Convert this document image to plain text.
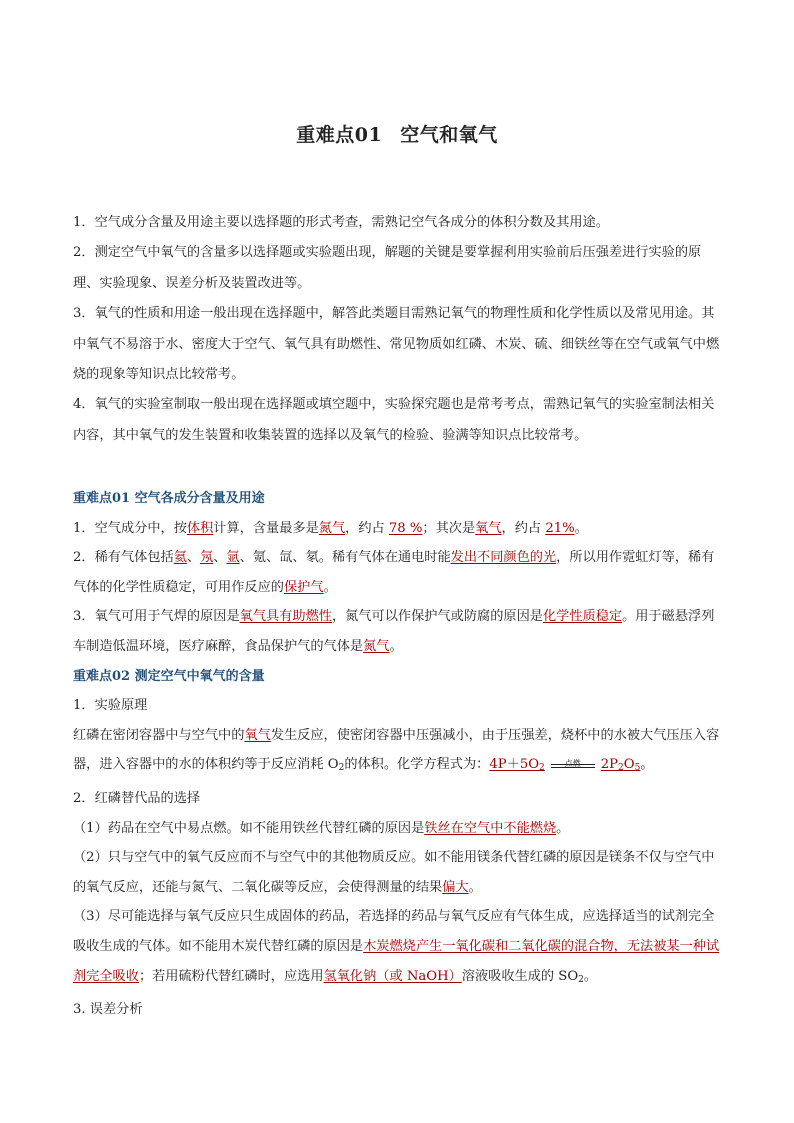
重难点01 空气和氧气

1．空气成分含量及用途主要以选择题的形式考查，需熟记空气各成分的体积分数及其用途。

2．测定空气中氧气的含量多以选择题或实验题出现，解题的关键是要掌握利用实验前后压强差进行实验的原理、实验现象、误差分析及装置改进等。

3．氧气的性质和用途一般出现在选择题中，解答此类题目需熟记氧气的物理性质和化学性质以及常见用途。其中氧气不易溶于水、密度大于空气、氧气具有助燃性、常见物质如红磷、木炭、硫、细铁丝等在空气或氧气中燃烧的现象等知识点比较常考。

4．氧气的实验室制取一般出现在选择题或填空题中，实验探究题也是常考考点，需熟记氧气的实验室制法相关内容，其中氧气的发生装置和收集装置的选择以及氧气的检验、验满等知识点比较常考。

重难点01 空气各成分含量及用途

1．空气成分中，按体积计算，含量最多是氮气，约占 78 %；其次是氧气，约占 21%。

2．稀有气体包括氦、氖、氩、氪、氙、氡。稀有气体在通电时能发出不同颜色的光，所以用作霓虹灯等，稀有气体的化学性质稳定，可用作反应的保护气。

3．氧气可用于气焊的原因是氧气具有助燃性，氮气可以作保护气或防腐的原因是化学性质稳定。用于磁悬浮列车制造低温环境，医疗麻醉，食品保护气的气体是氮气。

重难点02 测定空气中氧气的含量

1．实验原理

红磷在密闭容器中与空气中的氧气发生反应，使密闭容器中压强减小，由于压强差，烧杯中的水被大气压压入容器，进入容器中的水的体积约等于反应消耗 $O_2$的体积。化学方程式为：$4P+5O_2$	点燃	$2P_2O_5$。

2．红磷替代品的选择

（1）药品在空气中易点燃。如不能用铁丝代替红磷的原因是铁丝在空气中不能燃烧。

（2）只与空气中的氧气反应而不与空气中的其他物质反应。如不能用镁条代替红磷的原因是镁条不仅与空气中的氧气反应，还能与氮气、二氧化碳等反应，会使得测量的结果偏大。

（3）尽可能选择与氧气反应只生成固体的药品，若选择的药品与氧气反应有气体生成，应选择适当的试剂完全吸收生成的气体。如不能用木炭代替红磷的原因是木炭燃烧产生一氧化碳和二氧化碳的混合物，无法被某一种试剂完全吸收；若用硫粉代替红磷时，应选用氢氧化钠（或 NaOH）溶液吸收生成的 $SO_2$。

3. 误差分析
